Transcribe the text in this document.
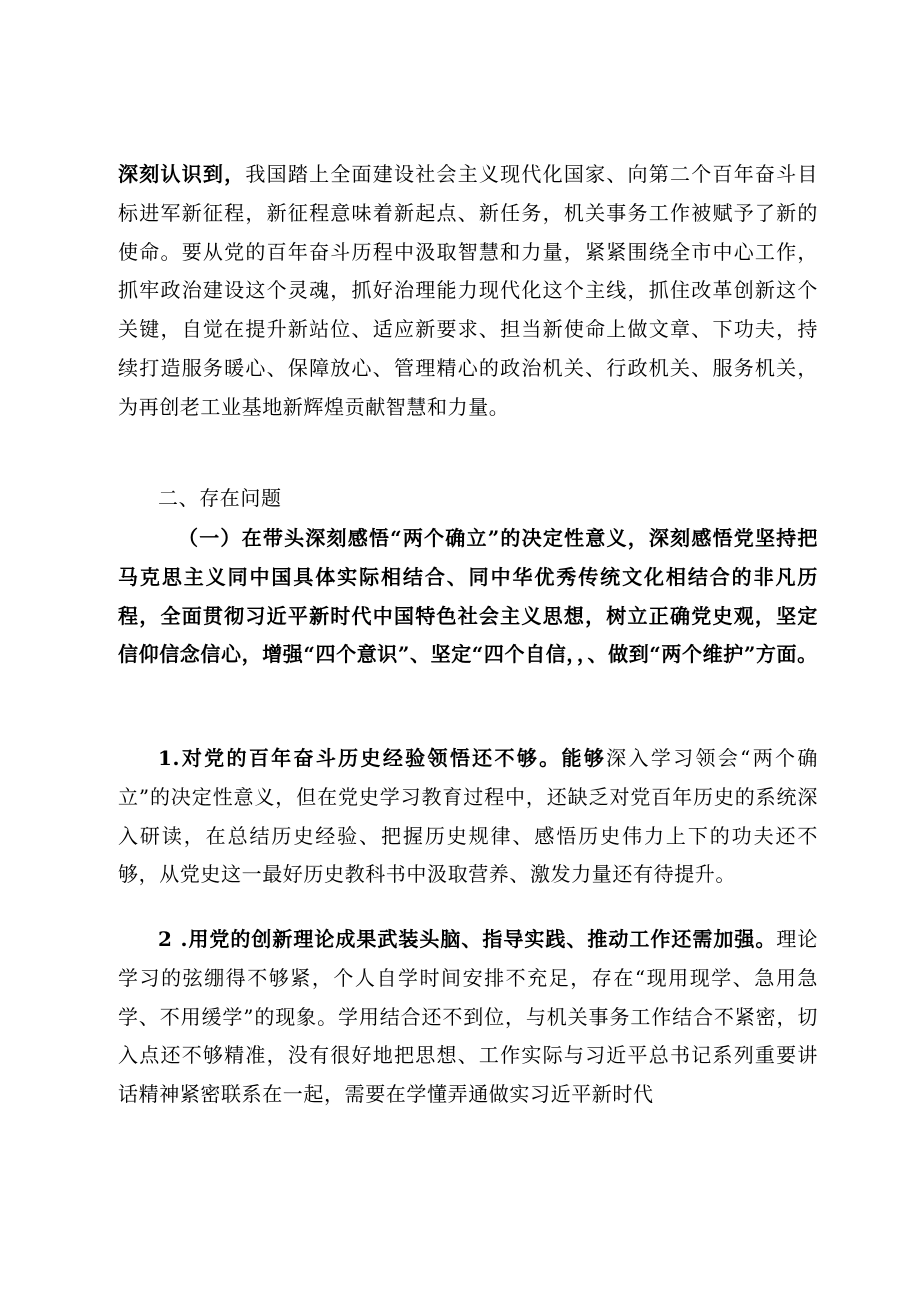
深刻认识到，我国踏上全面建设社会主义现代化国家、向第二个百年奋斗目标进军新征程，新征程意味着新起点、新任务，机关事务工作被赋予了新的使命。要从党的百年奋斗历程中汲取智慧和力量，紧紧围绕全市中心工作，抓牢政治建设这个灵魂，抓好治理能力现代化这个主线，抓住改革创新这个关键，自觉在提升新站位、适应新要求、担当新使命上做文章、下功夫，持续打造服务暖心、保障放心、管理精心的政治机关、行政机关、服务机关，为再创老工业基地新辉煌贡献智慧和力量。

二、存在问题

（一）在带头深刻感悟“两个确立”的决定性意义，深刻感悟党坚持把马克思主义同中国具体实际相结合、同中华优秀传统文化相结合的非凡历程，全面贯彻习近平新时代中国特色社会主义思想，树立正确党史观，坚定信仰信念信心，增强“四个意识”、坚定“四个自信，，、做到“两个维护”方面。

1.对党的百年奋斗历史经验领悟还不够。能够深入学习领会“两个确立”的决定性意义，但在党史学习教育过程中，还缺乏对党百年历史的系统深入研读，在总结历史经验、把握历史规律、感悟历史伟力上下的功夫还不够，从党史这一最好历史教科书中汲取营养、激发力量还有待提升。

2 .用党的创新理论成果武装头脑、指导实践、推动工作还需加强。理论学习的弦绷得不够紧，个人自学时间安排不充足，存在“现用现学、急用急学、不用缓学”的现象。学用结合还不到位，与机关事务工作结合不紧密，切入点还不够精准，没有很好地把思想、工作实际与习近平总书记系列重要讲话精神紧密联系在一起，需要在学懂弄通做实习近平新时代
